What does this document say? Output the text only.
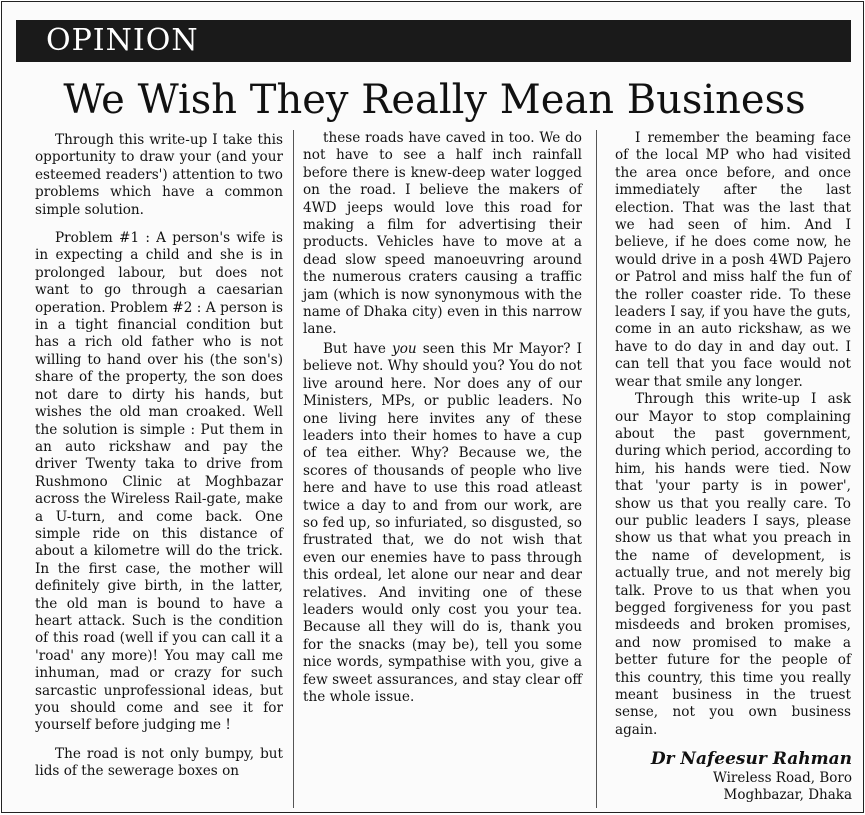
OPINION
We Wish They Really Mean Business

Through this write-up I take this opportunity to draw your (and your esteemed readers') attention to two problems which have a common simple solution.

Problem #1 : A person's wife is in expecting a child and she is in prolonged labour, but does not want to go through a caesarian operation. Problem #2 : A person is in a tight financial condition but has a rich old father who is not willing to hand over his (the son's) share of the property, the son does not dare to dirty his hands, but wishes the old man croaked. Well the solution is simple : Put them in an auto rickshaw and pay the driver Twenty taka to drive from Rushmono Clinic at Moghbazar across the Wireless Rail-gate, make a U-turn, and come back. One simple ride on this distance of about a kilometre will do the trick. In the first case, the mother will definitely give birth, in the latter, the old man is bound to have a heart attack. Such is the condition of this road (well if you can call it a 'road' any more)! You may call me inhuman, mad or crazy for such sarcastic unprofessional ideas, but you should come and see it for yourself before judging me !

The road is not only bumpy, but lids of the sewerage boxes on

these roads have caved in too. We do not have to see a half inch rainfall before there is knew-deep water logged on the road. I believe the makers of 4WD jeeps would love this road for making a film for advertising their products. Vehicles have to move at a dead slow speed manoeuvring around the numerous craters causing a traffic jam (which is now synonymous with the name of Dhaka city) even in this narrow lane.

But have you seen this Mr Mayor? I believe not. Why should you? You do not live around here. Nor does any of our Ministers, MPs, or public leaders. No one living here invites any of these leaders into their homes to have a cup of tea either. Why? Because we, the scores of thousands of people who live here and have to use this road atleast twice a day to and from our work, are so fed up, so infuriated, so disgusted, so frustrated that, we do not wish that even our enemies have to pass through this ordeal, let alone our near and dear relatives. And inviting one of these leaders would only cost you your tea. Because all they will do is, thank you for the snacks (may be), tell you some nice words, sympathise with you, give a few sweet assurances, and stay clear off the whole issue.

I remember the beaming face of the local MP who had visited the area once before, and once immediately after the last election. That was the last that we had seen of him. And I believe, if he does come now, he would drive in a posh 4WD Pajero or Patrol and miss half the fun of the roller coaster ride. To these leaders I say, if you have the guts, come in an auto rickshaw, as we have to do day in and day out. I can tell that you face would not wear that smile any longer.

Through this write-up I ask our Mayor to stop complaining about the past government, during which period, according to him, his hands were tied. Now that 'your party is in power', show us that you really care. To our public leaders I says, please show us that what you preach in the name of development, is actually true, and not merely big talk. Prove to us that when you begged forgiveness for you past misdeeds and broken promises, and now promised to make a better future for the people of this country, this time you really meant business in the truest sense, not you own business again.

Dr Nafeesur Rahman
Wireless Road, Boro
Moghbazar, Dhaka
